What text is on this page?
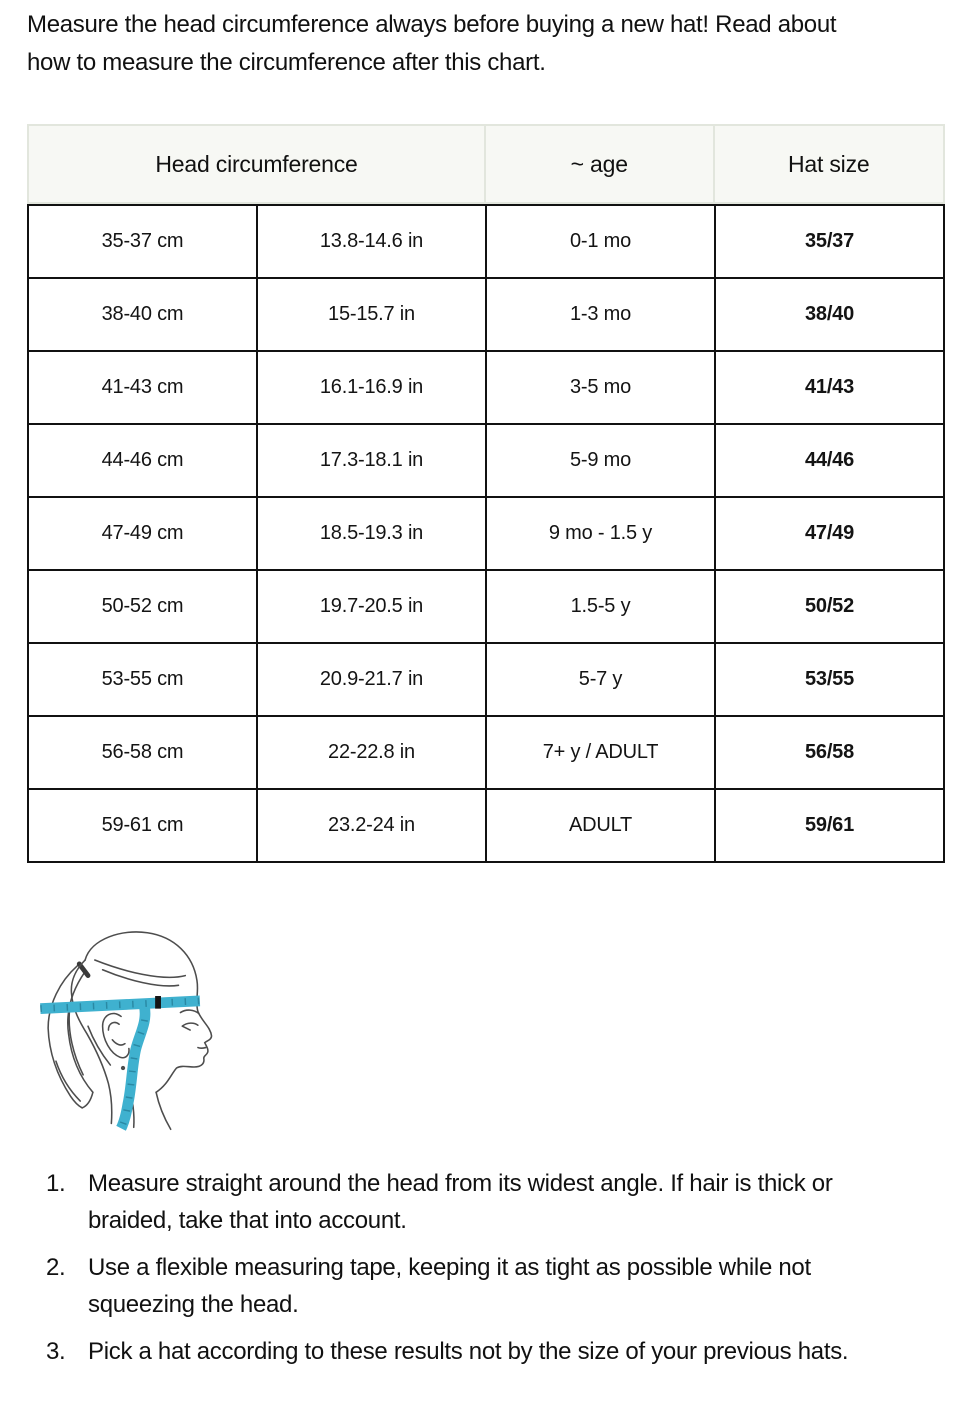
Measure the head circumference always before buying a new hat! Read about how to measure the circumference after this chart.

Head circumference	~ age	Hat size
35-37 cm	13.8-14.6 in	0-1 mo	35/37
38-40 cm	15-15.7 in	1-3 mo	38/40
41-43 cm	16.1-16.9 in	3-5 mo	41/43
44-46 cm	17.3-18.1 in	5-9 mo	44/46
47-49 cm	18.5-19.3 in	9 mo - 1.5 y	47/49
50-52 cm	19.7-20.5 in	1.5-5 y	50/52
53-55 cm	20.9-21.7 in	5-7 y	53/55
56-58 cm	22-22.8 in	7+ y / ADULT	56/58
59-61 cm	23.2-24 in	ADULT	59/61
1. Measure straight around the head from its widest angle. If hair is thick or braided, take that into account.
2. Use a flexible measuring tape, keeping it as tight as possible while not squeezing the head.
3. Pick a hat according to these results not by the size of your previous hats.
